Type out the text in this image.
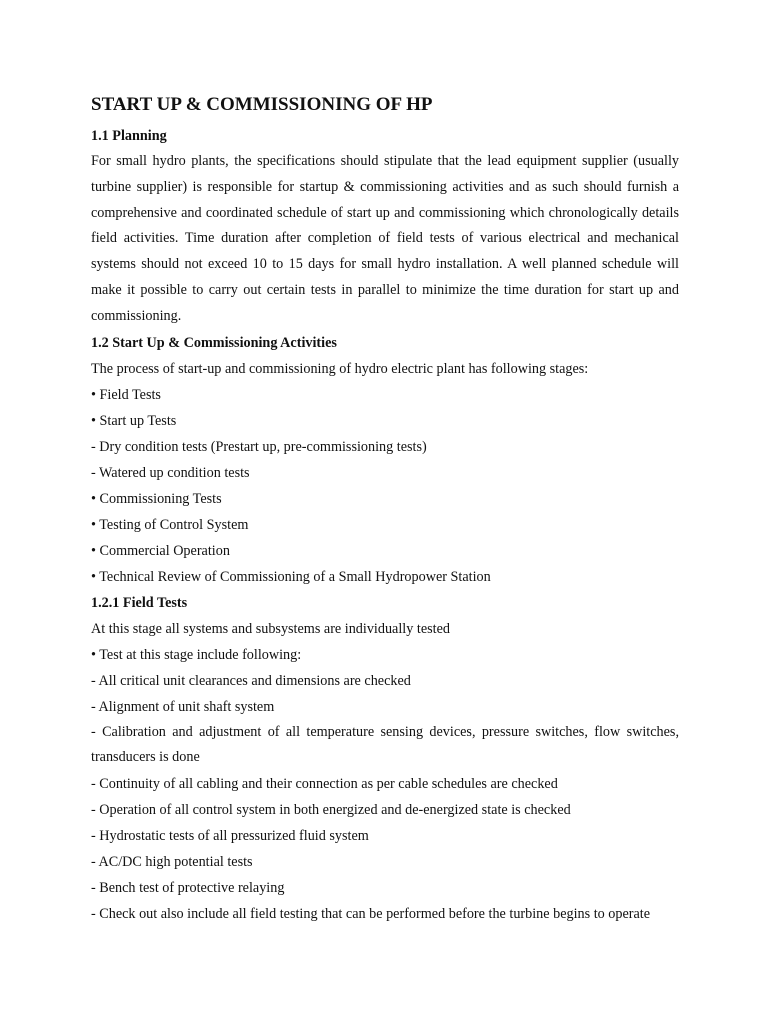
START UP & COMMISSIONING OF HP
1.1 Planning
For small hydro plants, the specifications should stipulate that the lead equipment supplier (usually turbine supplier) is responsible for startup & commissioning activities and as such should furnish a comprehensive and coordinated schedule of start up and commissioning which chronologically details field activities. Time duration after completion of field tests of various electrical and mechanical systems should not exceed 10 to 15 days for small hydro installation. A well planned schedule will make it possible to carry out certain tests in parallel to minimize the time duration for start up and commissioning.
1.2 Start Up & Commissioning Activities
The process of start-up and commissioning of hydro electric plant has following stages:
• Field Tests
• Start up Tests
- Dry condition tests (Prestart up, pre-commissioning tests)
- Watered up condition tests
• Commissioning Tests
• Testing of Control System
• Commercial Operation
• Technical Review of Commissioning of a Small Hydropower Station
1.2.1 Field Tests
At this stage all systems and subsystems are individually tested
• Test at this stage include following:
- All critical unit clearances and dimensions are checked
- Alignment of unit shaft system
- Calibration and adjustment of all temperature sensing devices, pressure switches, flow switches, transducers is done
- Continuity of all cabling and their connection as per cable schedules are checked
- Operation of all control system in both energized and de-energized state is checked
- Hydrostatic tests of all pressurized fluid system
- AC/DC high potential tests
- Bench test of protective relaying
- Check out also include all field testing that can be performed before the turbine begins to operate
